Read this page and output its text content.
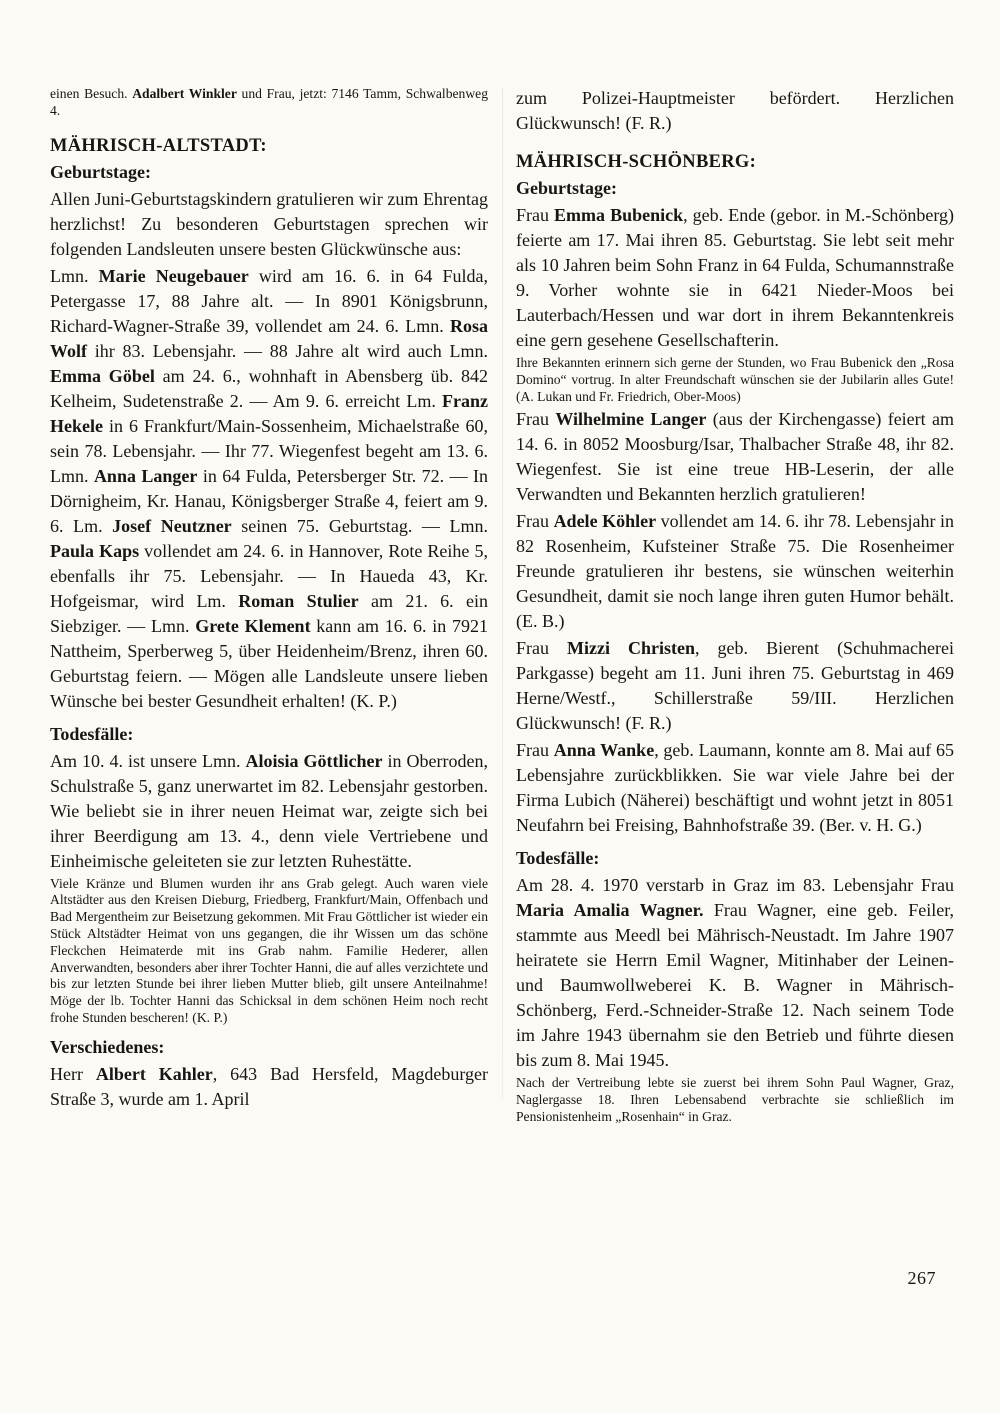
einen Besuch. Adalbert Winkler und Frau, jetzt: 7146 Tamm, Schwalbenweg 4.

MÄHRISCH-ALTSTADT:
Geburtstage:

Allen Juni-Geburtstagskindern gratulieren wir zum Ehrentag herzlichst! Zu besonderen Geburtstagen sprechen wir folgenden Landsleuten unsere besten Glückwünsche aus:

Lmn. Marie Neugebauer wird am 16. 6. in 64 Fulda, Petergasse 17, 88 Jahre alt. — In 8901 Königsbrunn, Richard-Wagner-Straße 39, vollendet am 24. 6. Lmn. Rosa Wolf ihr 83. Lebensjahr. — 88 Jahre alt wird auch Lmn. Emma Göbel am 24. 6., wohnhaft in Abensberg üb. 842 Kelheim, Sudetenstraße 2. — Am 9. 6. erreicht Lm. Franz Hekele in 6 Frankfurt/Main-Sossenheim, Michaelstraße 60, sein 78. Lebensjahr. — Ihr 77. Wiegenfest begeht am 13. 6. Lmn. Anna Langer in 64 Fulda, Petersberger Str. 72. — In Dörnigheim, Kr. Hanau, Königsberger Straße 4, feiert am 9. 6. Lm. Josef Neutzner seinen 75. Geburtstag. — Lmn. Paula Kaps vollendet am 24. 6. in Hannover, Rote Reihe 5, ebenfalls ihr 75. Lebensjahr. — In Haueda 43, Kr. Hofgeismar, wird Lm. Roman Stulier am 21. 6. ein Siebziger. — Lmn. Grete Klement kann am 16. 6. in 7921 Nattheim, Sperberweg 5, über Heidenheim/Brenz, ihren 60. Geburtstag feiern. — Mögen alle Landsleute unsere lieben Wünsche bei bester Gesundheit erhalten! (K. P.)

Todesfälle:

Am 10. 4. ist unsere Lmn. Aloisia Göttlicher in Oberroden, Schulstraße 5, ganz unerwartet im 82. Lebensjahr gestorben. Wie beliebt sie in ihrer neuen Heimat war, zeigte sich bei ihrer Beerdigung am 13. 4., denn viele Vertriebene und Einheimische geleiteten sie zur letzten Ruhestätte.

Viele Kränze und Blumen wurden ihr ans Grab gelegt. Auch waren viele Altstädter aus den Kreisen Dieburg, Friedberg, Frankfurt/Main, Offenbach und Bad Mergentheim zur Beisetzung gekommen. Mit Frau Göttlicher ist wieder ein Stück Altstädter Heimat von uns gegangen, die ihr Wissen um das schöne Fleckchen Heimaterde mit ins Grab nahm. Familie Hederer, allen Anverwandten, besonders aber ihrer Tochter Hanni, die auf alles verzichtete und bis zur letzten Stunde bei ihrer lieben Mutter blieb, gilt unsere Anteilnahme! Möge der lb. Tochter Hanni das Schicksal in dem schönen Heim noch recht frohe Stunden bescheren! (K. P.)

Verschiedenes:

Herr Albert Kahler, 643 Bad Hersfeld, Magdeburger Straße 3, wurde am 1. April

zum Polizei-Hauptmeister befördert. Herzlichen Glückwunsch! (F. R.)

MÄHRISCH-SCHÖNBERG:
Geburtstage:

Frau Emma Bubenick, geb. Ende (gebor. in M.-Schönberg) feierte am 17. Mai ihren 85. Geburtstag. Sie lebt seit mehr als 10 Jahren beim Sohn Franz in 64 Fulda, Schumannstraße 9. Vorher wohnte sie in 6421 Nieder-Moos bei Lauterbach/Hessen und war dort in ihrem Bekanntenkreis eine gern gesehene Gesellschafterin.

Ihre Bekannten erinnern sich gerne der Stunden, wo Frau Bubenick den „Rosa Domino“ vortrug. In alter Freundschaft wünschen sie der Jubilarin alles Gute! (A. Lukan und Fr. Friedrich, Ober-Moos)

Frau Wilhelmine Langer (aus der Kirchengasse) feiert am 14. 6. in 8052 Moosburg/Isar, Thalbacher Straße 48, ihr 82. Wiegenfest. Sie ist eine treue HB-Leserin, der alle Verwandten und Bekannten herzlich gratulieren!

Frau Adele Köhler vollendet am 14. 6. ihr 78. Lebensjahr in 82 Rosenheim, Kufsteiner Straße 75. Die Rosenheimer Freunde gratulieren ihr bestens, sie wünschen weiterhin Gesundheit, damit sie noch lange ihren guten Humor behält. (E. B.)

Frau Mizzi Christen, geb. Bierent (Schuhmacherei Parkgasse) begeht am 11. Juni ihren 75. Geburtstag in 469 Herne/Westf., Schillerstraße 59/III. Herzlichen Glückwunsch! (F. R.)

Frau Anna Wanke, geb. Laumann, konnte am 8. Mai auf 65 Lebensjahre zurückblikken. Sie war viele Jahre bei der Firma Lubich (Näherei) beschäftigt und wohnt jetzt in 8051 Neufahrn bei Freising, Bahnhofstraße 39. (Ber. v. H. G.)

Todesfälle:

Am 28. 4. 1970 verstarb in Graz im 83. Lebensjahr Frau Maria Amalia Wagner. Frau Wagner, eine geb. Feiler, stammte aus Meedl bei Mährisch-Neustadt. Im Jahre 1907 heiratete sie Herrn Emil Wagner, Mitinhaber der Leinen- und Baumwollweberei K. B. Wagner in Mährisch-Schönberg, Ferd.-Schneider-Straße 12. Nach seinem Tode im Jahre 1943 übernahm sie den Betrieb und führte diesen bis zum 8. Mai 1945.

Nach der Vertreibung lebte sie zuerst bei ihrem Sohn Paul Wagner, Graz, Naglergasse 18. Ihren Lebensabend verbrachte sie schließlich im Pensionistenheim „Rosenhain“ in Graz.

267
